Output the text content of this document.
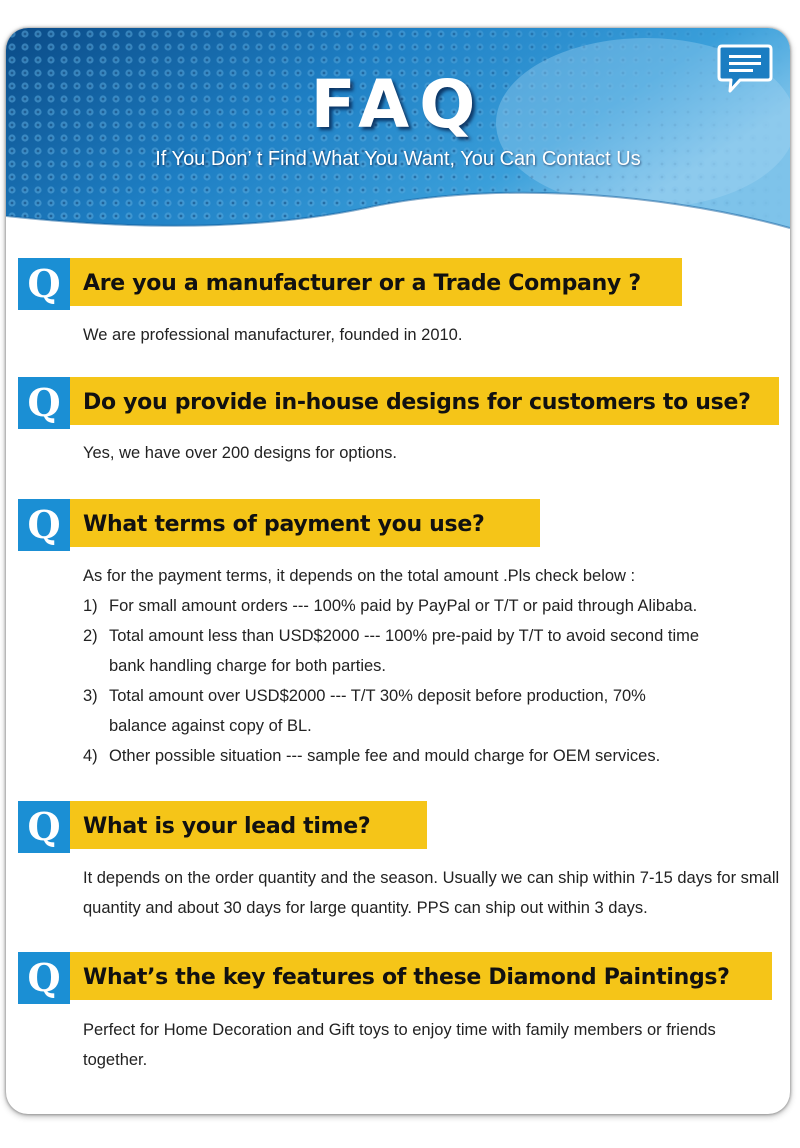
FAQ
If You Don’ t Find What You Want, You Can Contact Us
Q	Are you a manufacturer or a Trade Company ?

We are professional manufacturer, founded in 2010.

Q	Do you provide in-house designs for customers to use?

Yes, we have over 200 designs for options.

Q	What terms of payment you use?

As for the payment terms, it depends on the total amount .Pls check below :

1) For small amount orders --- 100% paid by PayPal or T/T or paid through Alibaba.
2) Total amount less than USD$2000 --- 100% pre-paid by T/T to avoid second time bank handling charge for both parties.
3) Total amount over USD$2000 --- T/T 30% deposit before production, 70% balance against copy of BL.
4) Other possible situation --- sample fee and mould charge for OEM services.
Q	What is your lead time?

It depends on the order quantity and the season. Usually we can ship within 7-15 days for small quantity and about 30 days for large quantity. PPS can ship out within 3 days.

Q	What’s the key features of these Diamond Paintings?

Perfect for Home Decoration and Gift toys to enjoy time with family members or friends together.
